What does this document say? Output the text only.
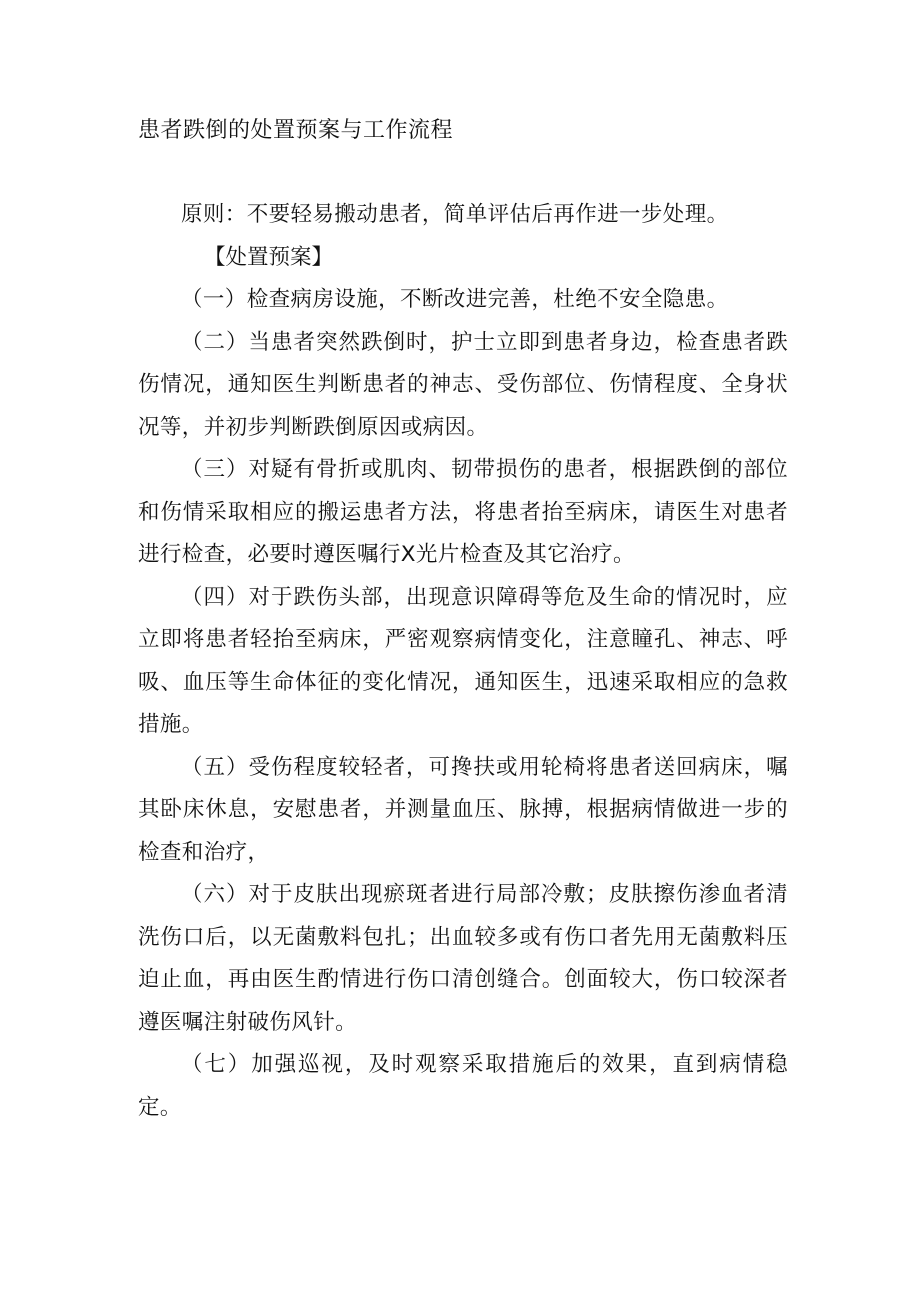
患者跌倒的处置预案与工作流程

原则：不要轻易搬动患者，简单评估后再作进一步处理。

【处置预案】

（一）检查病房设施，不断改进完善，杜绝不安全隐患。

（二）当患者突然跌倒时，护士立即到患者身边，检查患者跌伤情况，通知医生判断患者的神志、受伤部位、伤情程度、全身状况等，并初步判断跌倒原因或病因。

（三）对疑有骨折或肌肉、韧带损伤的患者，根据跌倒的部位和伤情采取相应的搬运患者方法，将患者抬至病床，请医生对患者进行检查，必要时遵医嘱行X光片检查及其它治疗。

（四）对于跌伤头部，出现意识障碍等危及生命的情况时，应立即将患者轻抬至病床，严密观察病情变化，注意瞳孔、神志、呼吸、血压等生命体征的变化情况，通知医生，迅速采取相应的急救措施。

（五）受伤程度较轻者，可搀扶或用轮椅将患者送回病床，嘱其卧床休息，安慰患者，并测量血压、脉搏，根据病情做进一步的检查和治疗，

（六）对于皮肤出现瘀斑者进行局部冷敷；皮肤擦伤渗血者清洗伤口后，以无菌敷料包扎；出血较多或有伤口者先用无菌敷料压迫止血，再由医生酌情进行伤口清创缝合。创面较大，伤口较深者遵医嘱注射破伤风针。

（七）加强巡视，及时观察采取措施后的效果，直到病情稳定。
